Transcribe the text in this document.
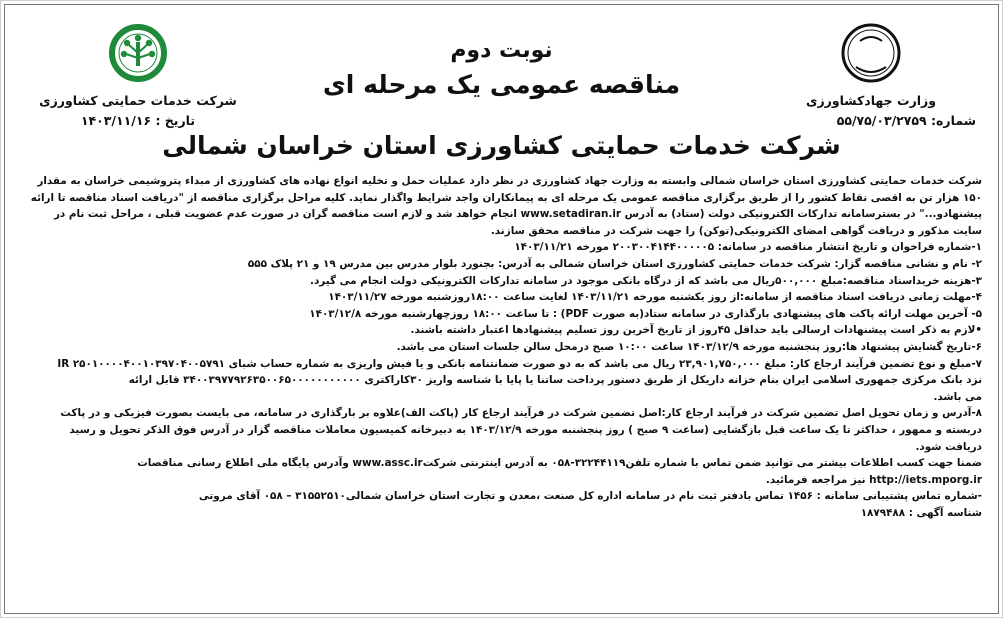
وزارت جهادکشاورزی
شماره: ۵۵/۷۵/۰۳/۲۷۵۹
شرکت خدمات حمایتی کشاورزی
تاریخ : ۱۴۰۳/۱۱/۱۶
نوبت دوم
مناقصه عمومی یک مرحله ای
شرکت خدمات حمایتی کشاورزی استان خراسان شمالی
شرکت خدمات حمایتی کشاورزی استان خراسان شمالی وابسته به وزارت جهاد کشاورزی در نظر دارد عملیات حمل و تخلیه انواع نهاده های کشاورزی از مبداء پتروشیمی خراسان به مقدار
۱۵۰ هزار تن به اقصی نقاط کشور را از طریق برگزاری مناقصه عمومی یک مرحله ای به پیمانکاران واجد شرایط واگذار نماید. کلیه مراحل برگزاری مناقصه از "دریافت اسناد مناقصه تا ارائه
پیشنهادو..." در بسترسامانه تدارکات الکترونیکی دولت (ستاد) به آدرس www.setadiran.ir انجام خواهد شد و لازم است مناقصه گران در صورت عدم عضویت قبلی ، مراحل ثبت نام در
سایت مذکور و دریافت گواهی امضای الکترونیکی(توکن) را جهت شرکت در مناقصه محقق سازند.
۱-شماره فراخوان و تاریخ انتشار مناقصه در سامانه: ۲۰۰۳۰۰۴۱۴۴۰۰۰۰۰۵ مورخه ۱۴۰۳/۱۱/۲۱
۲- نام و نشانی مناقصه گزار: شرکت خدمات حمایتی کشاورزی استان خراسان شمالی به آدرس: بجنورد بلوار مدرس بین مدرس ۱۹ و ۲۱ پلاک ۵۵۵
۳-هزینه خریداسناد مناقصه:مبلغ ۵۰۰,۰۰۰ریال می باشد که از درگاه بانکی موجود در سامانه تدارکات الکترونیکی دولت انجام می گیرد.
۴-مهلت زمانی دریافت اسناد مناقصه از سامانه:از روز یکشنبه مورخه ۱۴۰۳/۱۱/۲۱ لغایت ساعت ۱۸:۰۰روزشنبه مورخه ۱۴۰۳/۱۱/۲۷
۵- آخرین مهلت ارائه پاکت های پیشنهادی بارگذاری در سامانه ستاد(به صورت PDF) : تا ساعت ۱۸:۰۰ روزچهارشنبه مورخه ۱۴۰۳/۱۲/۸
•لازم به ذکر است پیشنهادات ارسالی باید حداقل ۴۵روز از تاریخ آخرین روز تسلیم پیشنهادها اعتبار داشته باشند.
۶-تاریخ گشایش پیشنهاد ها:روز پنجشنبه مورخه ۱۴۰۳/۱۲/۹ ساعت ۱۰:۰۰ صبح درمحل سالن جلسات استان می باشد.
۷-مبلغ و نوع تضمین فرآیند ارجاع کار: مبلغ ۲۳,۹۰۱,۷۵۰,۰۰۰ ریال می باشد که به دو صورت ضمانتنامه بانکی و یا فیش واریزی به شماره حساب شبای IR ۲۵۰۱۰۰۰۰۴۰۰۱۰۳۹۷۰۴۰۰۵۷۹۱
نزد بانک مرکزی جمهوری اسلامی ایران بنام خزانه داریکل از طریق دستور پرداخت ساتنا یا پایا با شناسه واریز ۳۰کاراکتری ۳۴۰۰۳۹۷۷۹۲۶۳۵۰۰۶۵۰۰۰۰۰۰۰۰۰۰۰ قابل ارائه
می باشد.
۸-آدرس و زمان تحویل اصل تضمین شرکت در فرآیند ارجاع کار:اصل تضمین شرکت در فرآیند ارجاع کار (پاکت الف)علاوه بر بارگذاری در سامانه، می بایست بصورت فیزیکی و در پاکت
دربسته و ممهور ، حداکثر تا یک ساعت قبل بازگشایی (ساعت ۹ صبح ) روز پنجشنبه مورخه ۱۴۰۳/۱۲/۹ به دبیرخانه کمیسیون معاملات مناقصه گزار در آدرس فوق الذکر تحویل و رسید
دریافت شود.
ضمنا جهت کسب اطلاعات بیشتر می توانید ضمن تماس با شماره تلفن۳۲۲۴۴۱۱۹-۰۵۸ به آدرس اینترنتی شرکتwww.assc.ir وآدرس پایگاه ملی اطلاع رسانی مناقصات
http://iets.mporg.ir نیز مراجعه فرمائید.
-شماره تماس پشتیبانی سامانه : ۱۴۵۶ تماس بادفتر ثبت نام در سامانه اداره کل صنعت ،معدن و تجارت استان خراسان شمالی۳۱۵۵۲۵۱۰ – ۰۵۸ آقای مروتی
شناسه آگهی : ۱۸۷۹۴۸۸
